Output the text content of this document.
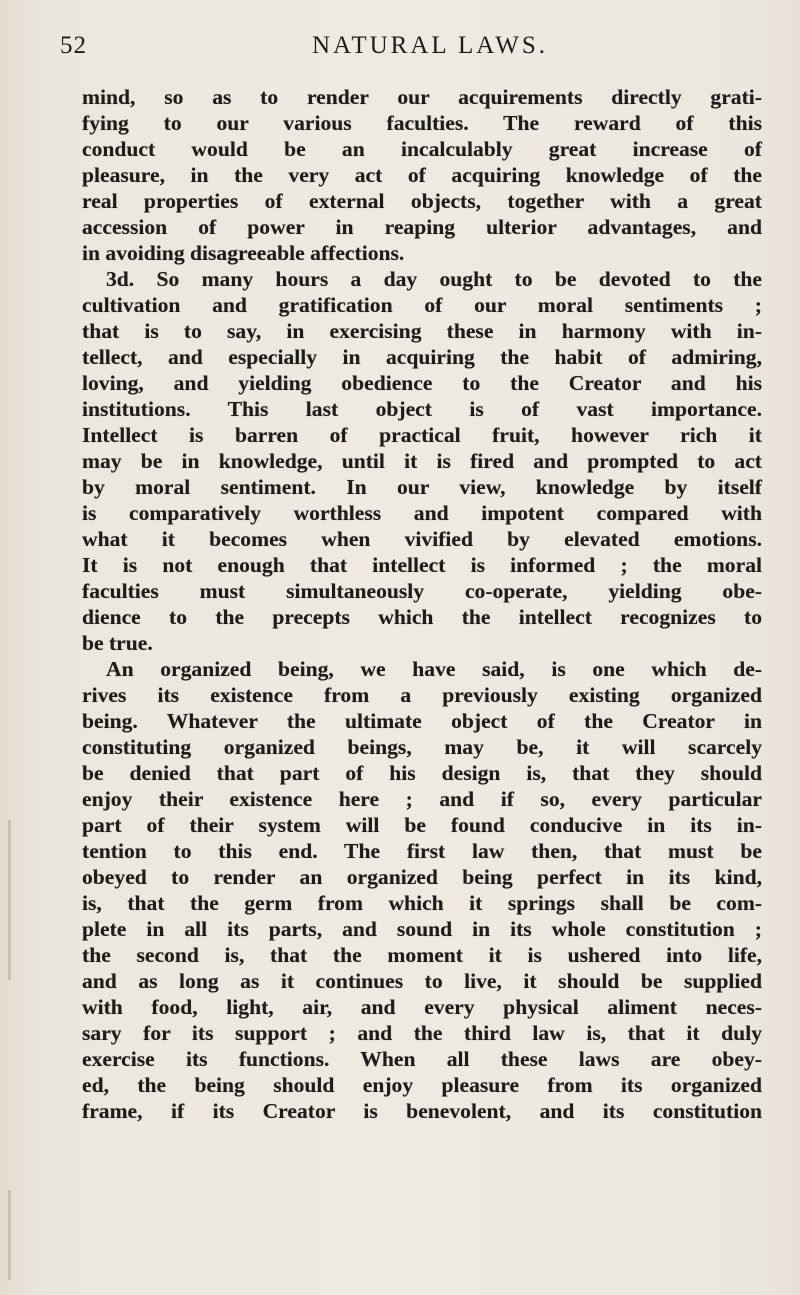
52	NATURAL LAWS.
mind, so as to render our acquirements directly grati-
fying to our various faculties. The reward of this
conduct would be an incalculably great increase of
pleasure, in the very act of acquiring knowledge of the
real properties of external objects, together with a great
accession of power in reaping ulterior advantages, and
in avoiding disagreeable affections.
3d. So many hours a day ought to be devoted to the
cultivation and gratification of our moral sentiments ;
that is to say, in exercising these in harmony with in-
tellect, and especially in acquiring the habit of admiring,
loving, and yielding obedience to the Creator and his
institutions. This last object is of vast importance.
Intellect is barren of practical fruit, however rich it
may be in knowledge, until it is fired and prompted to act
by moral sentiment. In our view, knowledge by itself
is comparatively worthless and impotent compared with
what it becomes when vivified by elevated emotions.
It is not enough that intellect is informed ; the moral
faculties must simultaneously co-operate, yielding obe-
dience to the precepts which the intellect recognizes to
be true.
An organized being, we have said, is one which de-
rives its existence from a previously existing organized
being. Whatever the ultimate object of the Creator in
constituting organized beings, may be, it will scarcely
be denied that part of his design is, that they should
enjoy their existence here ; and if so, every particular
part of their system will be found conducive in its in-
tention to this end. The first law then, that must be
obeyed to render an organized being perfect in its kind,
is, that the germ from which it springs shall be com-
plete in all its parts, and sound in its whole constitution ;
the second is, that the moment it is ushered into life,
and as long as it continues to live, it should be supplied
with food, light, air, and every physical aliment neces-
sary for its support ; and the third law is, that it duly
exercise its functions. When all these laws are obey-
ed, the being should enjoy pleasure from its organized
frame, if its Creator is benevolent, and its constitution
